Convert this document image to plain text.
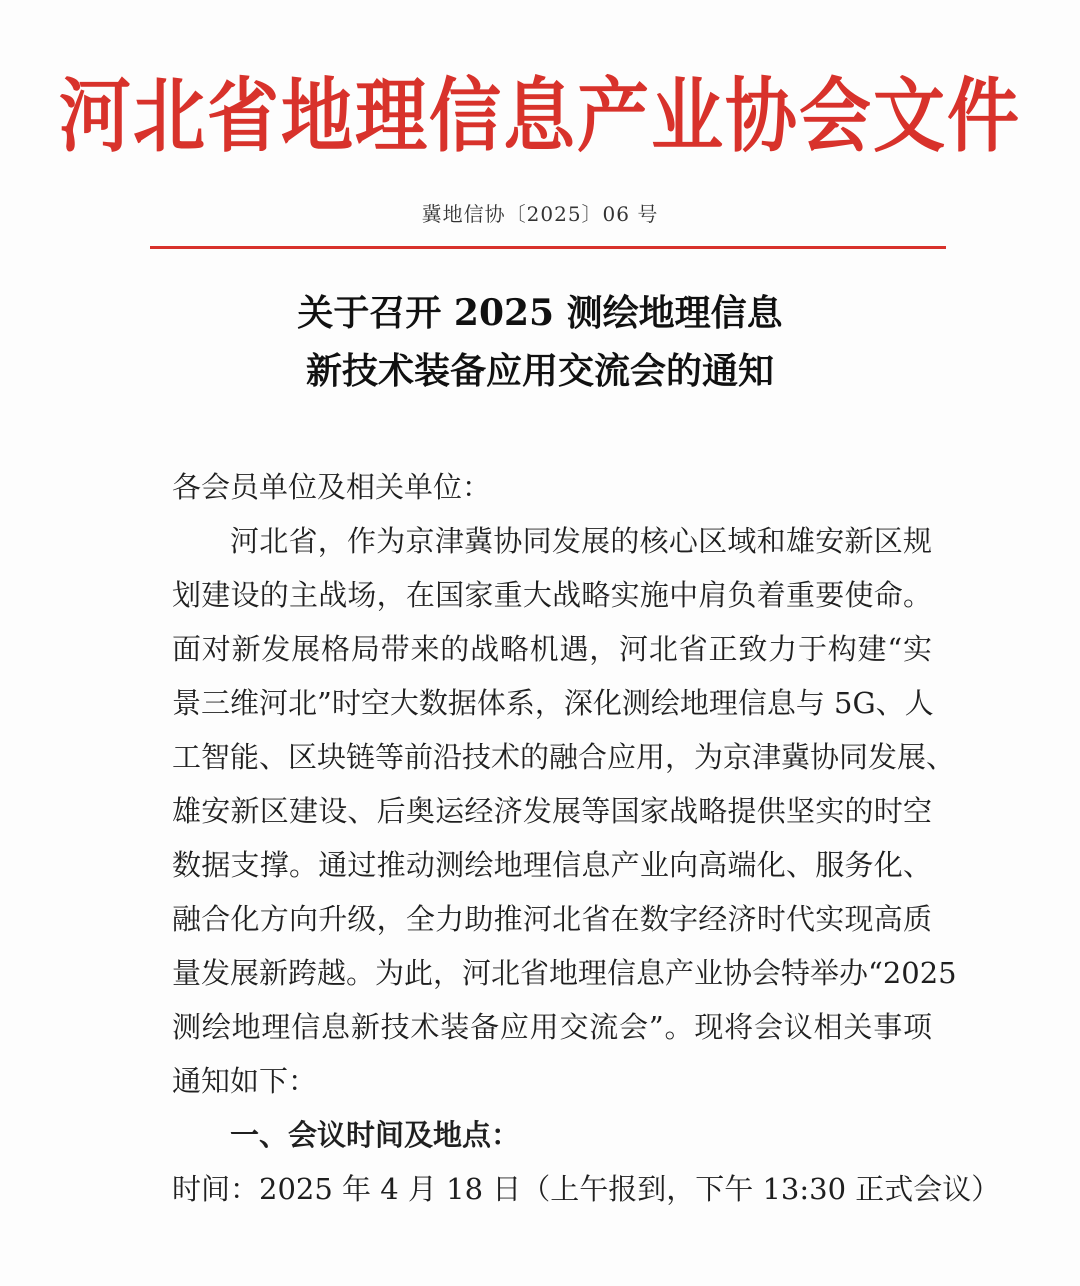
河北省地理信息产业协会文件
冀地信协〔2025〕06 号
关于召开 2025 测绘地理信息
新技术装备应用交流会的通知
各会员单位及相关单位：
河北省，作为京津冀协同发展的核心区域和雄安新区规
划建设的主战场，在国家重大战略实施中肩负着重要使命。
面对新发展格局带来的战略机遇，河北省正致力于构建“实
景三维河北”时空大数据体系，深化测绘地理信息与 5G、人
工智能、区块链等前沿技术的融合应用，为京津冀协同发展、
雄安新区建设、后奥运经济发展等国家战略提供坚实的时空
数据支撑。通过推动测绘地理信息产业向高端化、服务化、
融合化方向升级，全力助推河北省在数字经济时代实现高质
量发展新跨越。为此，河北省地理信息产业协会特举办“2025
测绘地理信息新技术装备应用交流会”。现将会议相关事项
通知如下：
一、会议时间及地点：
时间：2025 年 4 月 18 日（上午报到，下午 13:30 正式会议）
